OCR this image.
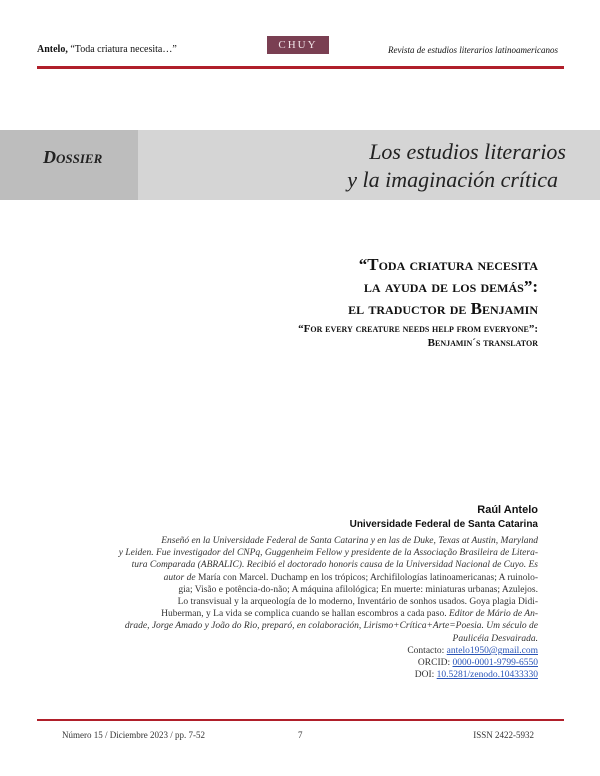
Antelo, “Toda criatura necesita…”	CHUY	Revista de estudios literarios latinoamericanos
Dossier	Los estudios literarios
y la imaginación crítica
“Toda criatura necesita
la ayuda de los demás”:
el traductor de Benjamin
“For every creature needs help from everyone”:
Benjamin´s translator
Raúl Antelo
Universidade Federal de Santa Catarina
Enseñó en la Universidade Federal de Santa Catarina y en las de Duke, Texas at Austin, Maryland
y Leiden. Fue investigador del CNPq, Guggenheim Fellow y presidente de la Associação Brasileira de Litera-
tura Comparada (ABRALIC). Recibió el doctorado honoris causa de la Universidad Nacional de Cuyo. Es
autor de María con Marcel. Duchamp en los trópicos; Archifilologías latinoamericanas; A ruinolo-
gia; Visão e potência-do-não; A máquina afilológica; En muerte: miniaturas urbanas; Azulejos.
Lo transvisual y la arqueología de lo moderno, Inventário de sonhos usados. Goya plagia Didi-
Huberman, y La vida se complica cuando se hallan escombros a cada paso. Editor de Mário de An-
drade, Jorge Amado y João do Rio, preparó, en colaboración, Lirismo+Crítica+Arte=Poesia. Um século de
Paulicéia Desvairada.
Contacto: antelo1950@gmail.com
ORCID: 0000-0001-9799-6550
DOI: 10.5281/zenodo.10433330
Número 15 / Diciembre 2023 / pp. 7-52	7	ISSN 2422-5932
